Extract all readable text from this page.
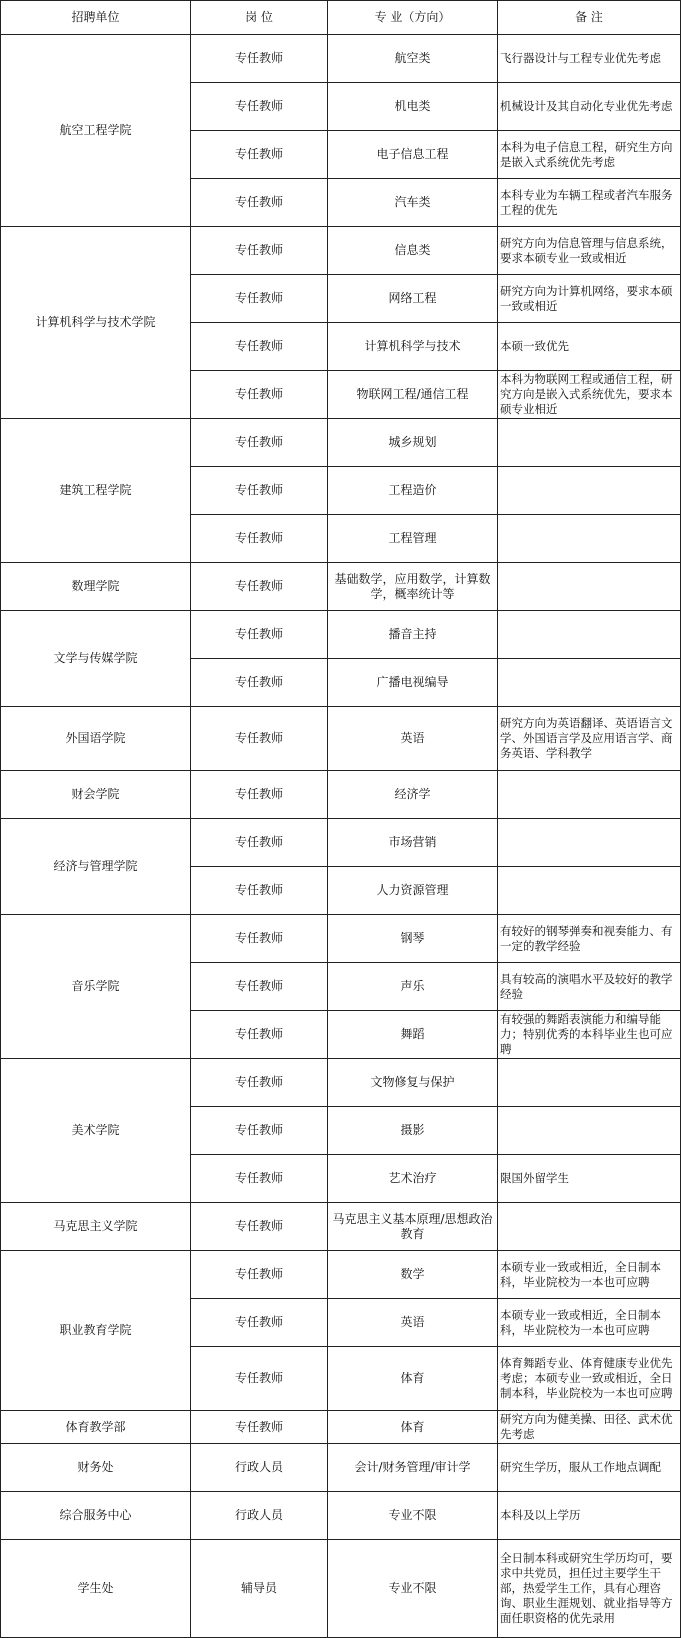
招聘单位	岗 位	专 业（方向）	备 注
航空工程学院	专任教师	航空类	飞行器设计与工程专业优先考虑
	专任教师	机电类	机械设计及其自动化专业优先考虑
	专任教师	电子信息工程	本科为电子信息工程，研究生方向是嵌入式系统优先考虑
	专任教师	汽车类	本科专业为车辆工程或者汽车服务工程的优先
计算机科学与技术学院	专任教师	信息类	研究方向为信息管理与信息系统，要求本硕专业一致或相近
	专任教师	网络工程	研究方向为计算机网络，要求本硕一致或相近
	专任教师	计算机科学与技术	本硕一致优先
	专任教师	物联网工程/通信工程	本科为物联网工程或通信工程，研究方向是嵌入式系统优先，要求本硕专业相近
建筑工程学院	专任教师	城乡规划	
	专任教师	工程造价	
	专任教师	工程管理	
数理学院	专任教师	基础数学，应用数学，计算数学，概率统计等	
文学与传媒学院	专任教师	播音主持	
	专任教师	广播电视编导	
外国语学院	专任教师	英语	研究方向为英语翻译、英语语言文学、外国语言学及应用语言学、商务英语、学科教学
财会学院	专任教师	经济学	
经济与管理学院	专任教师	市场营销	
	专任教师	人力资源管理	
音乐学院	专任教师	钢琴	有较好的钢琴弹奏和视奏能力、有一定的教学经验
	专任教师	声乐	具有较高的演唱水平及较好的教学经验
	专任教师	舞蹈	有较强的舞蹈表演能力和编导能力；特别优秀的本科毕业生也可应聘
美术学院	专任教师	文物修复与保护	
	专任教师	摄影	
	专任教师	艺术治疗	限国外留学生
马克思主义学院	专任教师	马克思主义基本原理/思想政治教育	
职业教育学院	专任教师	数学	本硕专业一致或相近，全日制本科，毕业院校为一本也可应聘
	专任教师	英语	本硕专业一致或相近，全日制本科，毕业院校为一本也可应聘
	专任教师	体育	体育舞蹈专业、体育健康专业优先考虑；本硕专业一致或相近，全日制本科，毕业院校为一本也可应聘
体育教学部	专任教师	体育	研究方向为健美操、田径、武术优先考虑
财务处	行政人员	会计/财务管理/审计学	研究生学历，服从工作地点调配
综合服务中心	行政人员	专业不限	本科及以上学历
学生处	辅导员	专业不限	全日制本科或研究生学历均可，要求中共党员，担任过主要学生干部，热爱学生工作，具有心理咨询、职业生涯规划、就业指导等方面任职资格的优先录用
